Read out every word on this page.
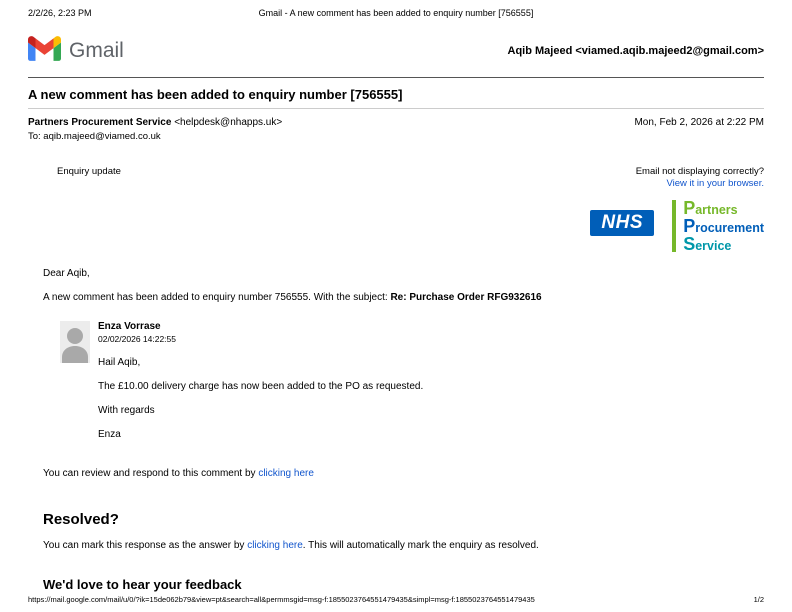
2/2/26, 2:23 PM	Gmail - A new comment has been added to enquiry number [756555]
Gmail	Aqib Majeed <viamed.aqib.majeed2@gmail.com>
A new comment has been added to enquiry number [756555]
Partners Procurement Service <helpdesk@nhapps.uk>	Mon, Feb 2, 2026 at 2:22 PM
To: aqib.majeed@viamed.co.uk
Enquiry update	Email not displaying correctly?
View it in your browser.
NHS
Partners
Procurement
Service

Dear Aqib,

A new comment has been added to enquiry number 756555. With the subject: Re: Purchase Order RFG932616

Enza Vorrase
02/02/2026 14:22:55
Hail Aqib,
The £10.00 delivery charge has now been added to the PO as requested.
With regards
Enza

You can review and respond to this comment by clicking here

Resolved?

You can mark this response as the answer by clicking here. This will automatically mark the enquiry as resolved.

We'd love to hear your feedback
https://mail.google.com/mail/u/0/?ik=15de062b79&view=pt&search=all&permmsgid=msg-f:1855023764551479435&simpl=msg-f:1855023764551479435	1/2
